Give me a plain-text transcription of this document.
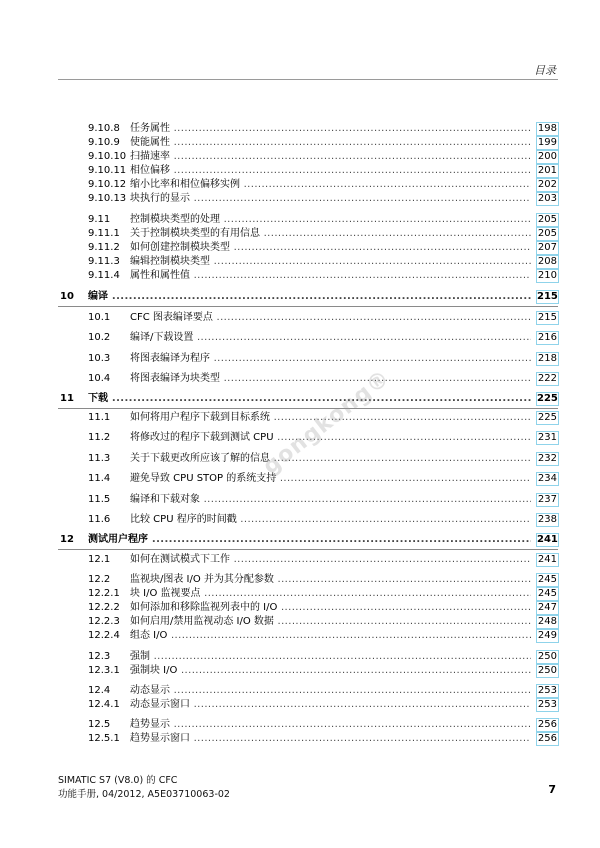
目录
9.10.8 任务属性 .....	198
9.10.9 使能属性 .....	199
9.10.10 扫描速率 .....	200
9.10.11 相位偏移 .....	201
9.10.12 缩小比率和相位偏移实例 .....	202
9.10.13 块执行的显示 .....	203
9.11 控制模块类型的处理 .....	205
9.11.1 关于控制模块类型的有用信息 .....	205
9.11.2 如何创建控制模块类型 .....	207
9.11.3 编辑控制模块类型 .....	208
9.11.4 属性和属性值 .....	210
10 编译 .....	215
10.1 CFC 图表编译要点 .....	215
10.2 编译/下载设置 .....	216
10.3 将图表编译为程序 .....	218
10.4 将图表编译为块类型 .....	222
11 下载 .....	225
11.1 如何将用户程序下载到目标系统 .....	225
11.2 将修改过的程序下载到测试 CPU .....	231
11.3 关于下载更改所应该了解的信息 .....	232
11.4 避免导致 CPU STOP 的系统支持 .....	234
11.5 编译和下载对象 .....	237
11.6 比较 CPU 程序的时间戳 .....	238
12 测试用户程序 .....	241
12.1 如何在测试模式下工作 .....	241
12.2 监视块/图表 I/O 并为其分配参数 .....	245
12.2.1 块 I/O 监视要点 .....	245
12.2.2 如何添加和移除监视列表中的 I/O .....	247
12.2.3 如何启用/禁用监视动态 I/O 数据 .....	248
12.2.4 组态 I/O .....	249
12.3 强制 .....	250
12.3.1 强制块 I/O .....	250
12.4 动态显示 .....	253
12.4.1 动态显示窗口 .....	253
12.5 趋势显示 .....	256
12.5.1 趋势显示窗口 .....	256
gongkong®
SIMATIC S7 (V8.0) 的 CFC
功能手册, 04/2012, A5E03710063-02	7
